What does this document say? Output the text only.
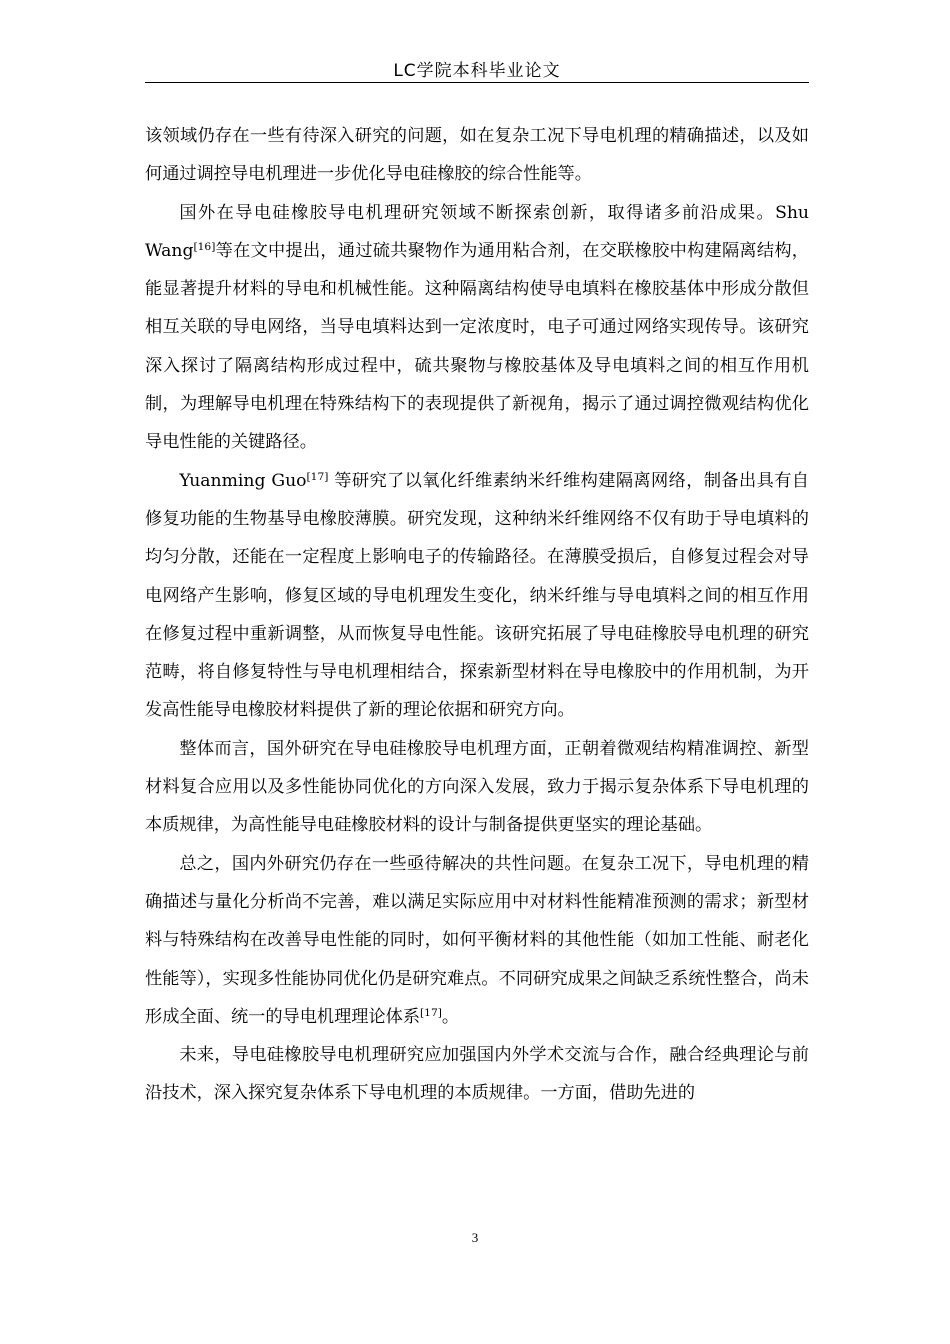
LC学院本科毕业论文

该领域仍存在一些有待深入研究的问题，如在复杂工况下导电机理的精确描述，以及如何通过调控导电机理进一步优化导电硅橡胶的综合性能等。

国外在导电硅橡胶导电机理研究领域不断探索创新，取得诸多前沿成果。Shu Wang[16]等在文中提出，通过硫共聚物作为通用粘合剂，在交联橡胶中构建隔离结构，能显著提升材料的导电和机械性能。这种隔离结构使导电填料在橡胶基体中形成分散但相互关联的导电网络，当导电填料达到一定浓度时，电子可通过网络实现传导。该研究深入探讨了隔离结构形成过程中，硫共聚物与橡胶基体及导电填料之间的相互作用机制，为理解导电机理在特殊结构下的表现提供了新视角，揭示了通过调控微观结构优化导电性能的关键路径。

Yuanming Guo[17] 等研究了以氧化纤维素纳米纤维构建隔离网络，制备出具有自修复功能的生物基导电橡胶薄膜。研究发现，这种纳米纤维网络不仅有助于导电填料的均匀分散，还能在一定程度上影响电子的传输路径。在薄膜受损后，自修复过程会对导电网络产生影响，修复区域的导电机理发生变化，纳米纤维与导电填料之间的相互作用在修复过程中重新调整，从而恢复导电性能。该研究拓展了导电硅橡胶导电机理的研究范畴，将自修复特性与导电机理相结合，探索新型材料在导电橡胶中的作用机制，为开发高性能导电橡胶材料提供了新的理论依据和研究方向。

整体而言，国外研究在导电硅橡胶导电机理方面，正朝着微观结构精准调控、新型材料复合应用以及多性能协同优化的方向深入发展，致力于揭示复杂体系下导电机理的本质规律，为高性能导电硅橡胶材料的设计与制备提供更坚实的理论基础。

总之，国内外研究仍存在一些亟待解决的共性问题。在复杂工况下，导电机理的精确描述与量化分析尚不完善，难以满足实际应用中对材料性能精准预测的需求；新型材料与特殊结构在改善导电性能的同时，如何平衡材料的其他性能（如加工性能、耐老化性能等），实现多性能协同优化仍是研究难点。不同研究成果之间缺乏系统性整合，尚未形成全面、统一的导电机理理论体系[17]。

未来，导电硅橡胶导电机理研究应加强国内外学术交流与合作，融合经典理论与前沿技术，深入探究复杂体系下导电机理的本质规律。一方面，借助先进的

3
